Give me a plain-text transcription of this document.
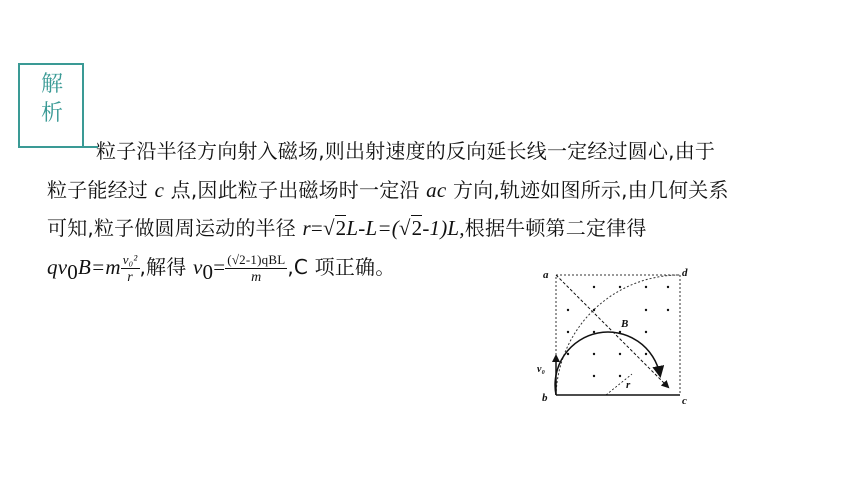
解析
粒子沿半径方向射入磁场,则出射速度的反向延长线一定经过圆心,由于
粒子能经过 c 点,因此粒子出磁场时一定沿 ac 方向,轨迹如图所示,由几何关系
可知,粒子做圆周运动的半径 r=√2L-L=(√2-1)L,根据牛顿第二定律得
$qv_0B=m \frac{\text{v₀²}}{r}$ ,解得 $v_0= \frac{\text{(√2-1)qBL}}{m} ,C$ 项正确。	a	d
b	c
B
r
v₀
